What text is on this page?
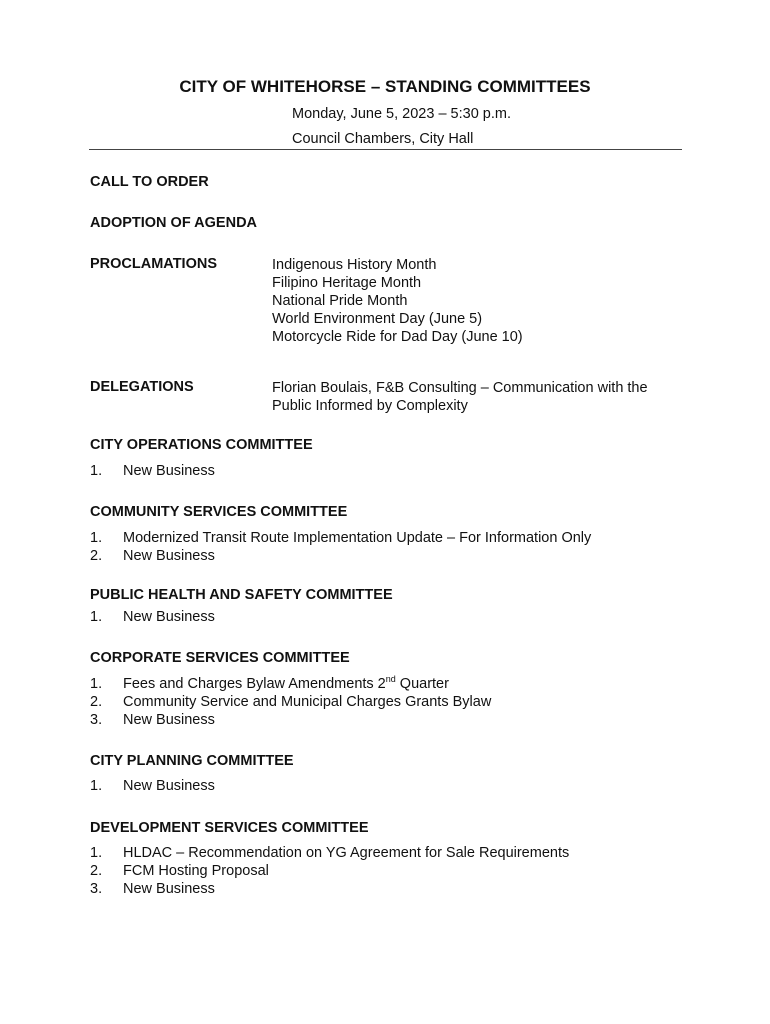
CITY OF WHITEHORSE – STANDING COMMITTEES
Monday, June 5, 2023 – 5:30 p.m.
Council Chambers, City Hall
CALL TO ORDER
ADOPTION OF AGENDA
PROCLAMATIONS	Indigenous History Month
Filipino Heritage Month
National Pride Month
World Environment Day (June 5)
Motorcycle Ride for Dad Day (June 10)
DELEGATIONS	Florian Boulais, F&B Consulting – Communication with the
Public Informed by Complexity
CITY OPERATIONS COMMITTEE
1. New Business
COMMUNITY SERVICES COMMITTEE
1. Modernized Transit Route Implementation Update – For Information Only
2. New Business
PUBLIC HEALTH AND SAFETY COMMITTEE
1. New Business
CORPORATE SERVICES COMMITTEE
1. Fees and Charges Bylaw Amendments 2nd Quarter
2. Community Service and Municipal Charges Grants Bylaw
3. New Business
CITY PLANNING COMMITTEE
1. New Business
DEVELOPMENT SERVICES COMMITTEE
1. HLDAC – Recommendation on YG Agreement for Sale Requirements
2. FCM Hosting Proposal
3. New Business
